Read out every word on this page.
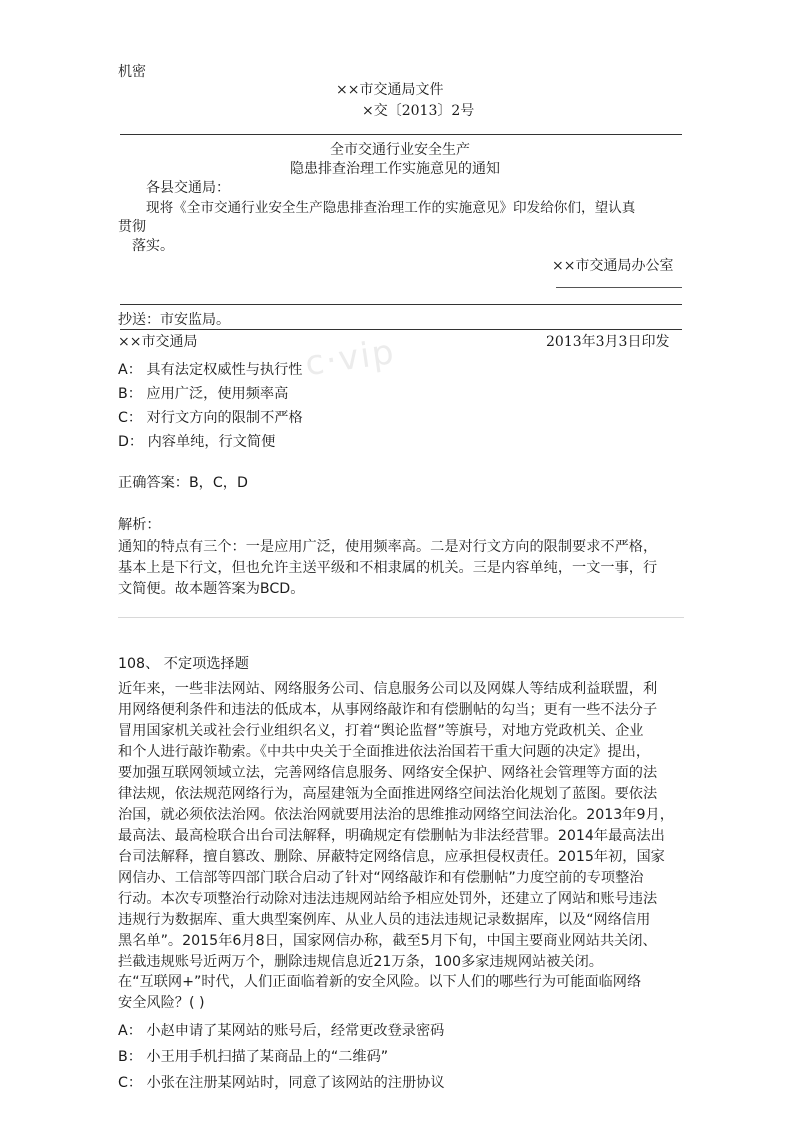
c·vip

机密
××市交通局文件
×交〔2013〕2号
全市交通行业安全生产
隐患排查治理工作实施意见的通知
各县交通局：
现将《全市交通行业安全生产隐患排查治理工作的实施意见》印发给你们，望认真
贯彻
落实。
××市交通局办公室
抄送：市安监局。
××市交通局	2013年3月3日印发
A： 具有法定权威性与执行性
B： 应用广泛，使用频率高
C： 对行文方向的限制不严格
D： 内容单纯，行文简便
正确答案：B，C，D
解析：
通知的特点有三个：一是应用广泛，使用频率高。二是对行文方向的限制要求不严格，
基本上是下行文，但也允许主送平级和不相隶属的机关。三是内容单纯，一文一事，行
文简便。故本题答案为BCD。
108、 不定项选择题
近年来，一些非法网站、网络服务公司、信息服务公司以及网媒人等结成利益联盟，利
用网络便利条件和违法的低成本，从事网络敲诈和有偿删帖的勾当；更有一些不法分子
冒用国家机关或社会行业组织名义，打着“舆论监督”等旗号，对地方党政机关、企业
和个人进行敲诈勒索。《中共中央关于全面推进依法治国若干重大问题的决定》提出，
要加强互联网领域立法，完善网络信息服务、网络安全保护、网络社会管理等方面的法
律法规，依法规范网络行为，高屋建瓴为全面推进网络空间法治化规划了蓝图。要依法
治国，就必须依法治网。依法治网就要用法治的思维推动网络空间法治化。2013年9月，
最高法、最高检联合出台司法解释，明确规定有偿删帖为非法经营罪。2014年最高法出
台司法解释，擅自篡改、删除、屏蔽特定网络信息，应承担侵权责任。2015年初，国家
网信办、工信部等四部门联合启动了针对“网络敲诈和有偿删帖”力度空前的专项整治
行动。本次专项整治行动除对违法违规网站给予相应处罚外，还建立了网站和账号违法
违规行为数据库、重大典型案例库、从业人员的违法违规记录数据库，以及“网络信用
黑名单”。2015年6月8日，国家网信办称，截至5月下旬，中国主要商业网站共关闭、
拦截违规账号近两万个，删除违规信息近21万条，100多家违规网站被关闭。
在“互联网+”时代，人们正面临着新的安全风险。以下人们的哪些行为可能面临网络
安全风险？( )
A： 小赵申请了某网站的账号后，经常更改登录密码
B： 小王用手机扫描了某商品上的“二维码”
C： 小张在注册某网站时，同意了该网站的注册协议
